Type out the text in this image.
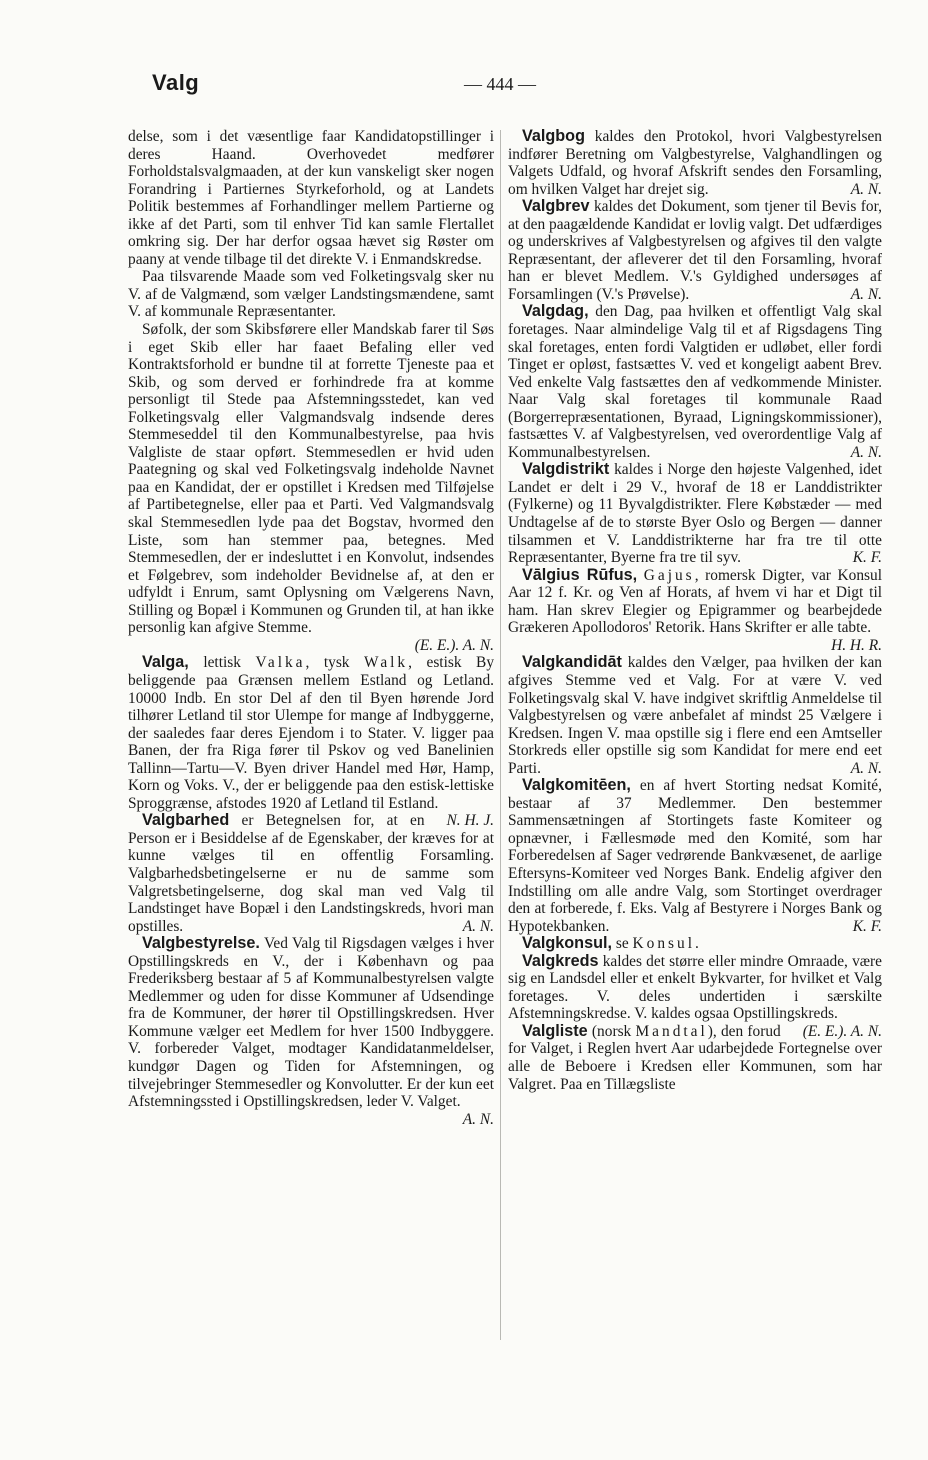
Valg	— 444 —

delse, som i det væsentlige faar Kandidatopstillinger i deres Haand. Overhovedet medfører Forholdstalsvalgmaaden, at der kun vanskeligt sker nogen Forandring i Partiernes Styrkeforhold, og at Landets Politik bestemmes af Forhandlinger mellem Partierne og ikke af det Parti, som til enhver Tid kan samle Flertallet omkring sig. Der har derfor ogsaa hævet sig Røster om paany at vende tilbage til det direkte V. i Enmandskredse.

Paa tilsvarende Maade som ved Folketingsvalg sker nu V. af de Valgmænd, som vælger Landstingsmændene, samt V. af kommunale Repræsentanter.

Søfolk, der som Skibsførere eller Mandskab farer til Søs i eget Skib eller har faaet Befaling eller ved Kontraktsforhold er bundne til at forrette Tjeneste paa et Skib, og som derved er forhindrede fra at komme personligt til Stede paa Afstemningsstedet, kan ved Folketingsvalg eller Valgmandsvalg indsende deres Stemmeseddel til den Kommunalbestyrelse, paa hvis Valgliste de staar opført. Stemmesedlen er hvid uden Paategning og skal ved Folketingsvalg indeholde Navnet paa en Kandidat, der er opstillet i Kredsen med Tilføjelse af Partibetegnelse, eller paa et Parti. Ved Valgmandsvalg skal Stemmesedlen lyde paa det Bogstav, hvormed den Liste, som han stemmer paa, betegnes. Med Stemmesedlen, der er indesluttet i en Konvolut, indsendes et Følgebrev, som indeholder Bevidnelse af, at den er udfyldt i Enrum, samt Oplysning om Vælgerens Navn, Stilling og Bopæl i Kommunen og Grunden til, at han ikke personlig kan afgive Stemme.

(E. E.). A. N.

Valga, lettisk Valka, tysk Walk, estisk By beliggende paa Grænsen mellem Estland og Letland. 10000 Indb. En stor Del af den til Byen hørende Jord tilhører Letland til stor Ulempe for mange af Indbyggerne, der saaledes faar deres Ejendom i to Stater. V. ligger paa Banen, der fra Riga fører til Pskov og ved Banelinien Tallinn—Tartu—V. Byen driver Handel med Hør, Hamp, Korn og Voks. V., der er beliggende paa den estisk-lettiske Sproggrænse, afstodes 1920 af Letland til Estland.
N. H. J.

Valgbarhed er Betegnelsen for, at en Person er i Besiddelse af de Egenskaber, der kræves for at kunne vælges til en offentlig Forsamling. Valgbarhedsbetingelserne er nu de samme som Valgretsbetingelserne, dog skal man ved Valg til Landstinget have Bopæl i den Landstingskreds, hvori man opstilles.	A. N.

Valgbestyrelse. Ved Valg til Rigsdagen vælges i hver Opstillingskreds en V., der i København og paa Frederiksberg bestaar af 5 af Kommunalbestyrelsen valgte Medlemmer og uden for disse Kommuner af Udsendinge fra de Kommuner, der hører til Opstillingskredsen. Hver Kommune vælger eet Medlem for hver 1500 Indbyggere. V. forbereder Valget, modtager Kandidatanmeldelser, kundgør Dagen og Tiden for Afstemningen, og tilvejebringer Stemmesedler og Konvolutter. Er der kun eet Afstemningssted i Opstillingskredsen, leder V. Valget.
A. N.

Valgbog kaldes den Protokol, hvori Valgbestyrelsen indfører Beretning om Valgbestyrelse, Valghandlingen og Valgets Udfald, og hvoraf Afskrift sendes den Forsamling, om hvilken Valget har drejet sig.	A. N.

Valgbrev kaldes det Dokument, som tjener til Bevis for, at den paagældende Kandidat er lovlig valgt. Det udfærdiges og underskrives af Valgbestyrelsen og afgives til den valgte Repræsentant, der afleverer det til den Forsamling, hvoraf han er blevet Medlem. V.'s Gyldighed undersøges af Forsamlingen (V.'s Prøvelse).	A. N.

Valgdag, den Dag, paa hvilken et offentligt Valg skal foretages. Naar almindelige Valg til et af Rigsdagens Ting skal foretages, enten fordi Valgtiden er udløbet, eller fordi Tinget er opløst, fastsættes V. ved et kongeligt aabent Brev. Ved enkelte Valg fastsættes den af vedkommende Minister. Naar Valg skal foretages til kommunale Raad (Borgerrepræsentationen, Byraad, Ligningskommissioner), fastsættes V. af Valgbestyrelsen, ved overordentlige Valg af Kommunalbestyrelsen.	A. N.

Valgdistrikt kaldes i Norge den højeste Valgenhed, idet Landet er delt i 29 V., hvoraf de 18 er Landdistrikter (Fylkerne) og 11 Byvalgdistrikter. Flere Købstæder — med Undtagelse af de to største Byer Oslo og Bergen — danner tilsammen et V. Landdistrikterne har fra tre til otte Repræsentanter, Byerne fra tre til syv.	K. F.

Vālgius Rūfus, Gajus, romersk Digter, var Konsul Aar 12 f. Kr. og Ven af Horats, af hvem vi har et Digt til ham. Han skrev Elegier og Epigrammer og bearbejdede Grækeren Apollodoros' Retorik. Hans Skrifter er alle tabte.

H. H. R.

Valgkandidāt kaldes den Vælger, paa hvilken der kan afgives Stemme ved et Valg. For at være V. ved Folketingsvalg skal V. have indgivet skriftlig Anmeldelse til Valgbestyrelsen og være anbefalet af mindst 25 Vælgere i Kredsen. Ingen V. maa opstille sig i flere end een Amtseller Storkreds eller opstille sig som Kandidat for mere end eet Parti.	A. N.

Valgkomitēen, en af hvert Storting nedsat Komité, bestaar af 37 Medlemmer. Den bestemmer Sammensætningen af Stortingets faste Komiteer og opnævner, i Fællesmøde med den Komité, som har Forberedelsen af Sager vedrørende Bankvæsenet, de aarlige Eftersyns-Komiteer ved Norges Bank. Endelig afgiver den Indstilling om alle andre Valg, som Stortinget overdrager den at forberede, f. Eks. Valg af Bestyrere i Norges Bank og Hypotekbanken.	K. F.

Valgkonsul, se Konsul.

Valgkreds kaldes det større eller mindre Omraade, være sig en Landsdel eller et enkelt Bykvarter, for hvilket et Valg foretages. V. deles undertiden i særskilte Afstemningskredse. V. kaldes ogsaa Opstillingskreds.
(E. E.). A. N.

Valgliste (norsk Mandtal), den forud for Valget, i Reglen hvert Aar udarbejdede Fortegnelse over alle de Beboere i Kredsen eller Kommunen, som har Valgret. Paa en Tillægsliste
